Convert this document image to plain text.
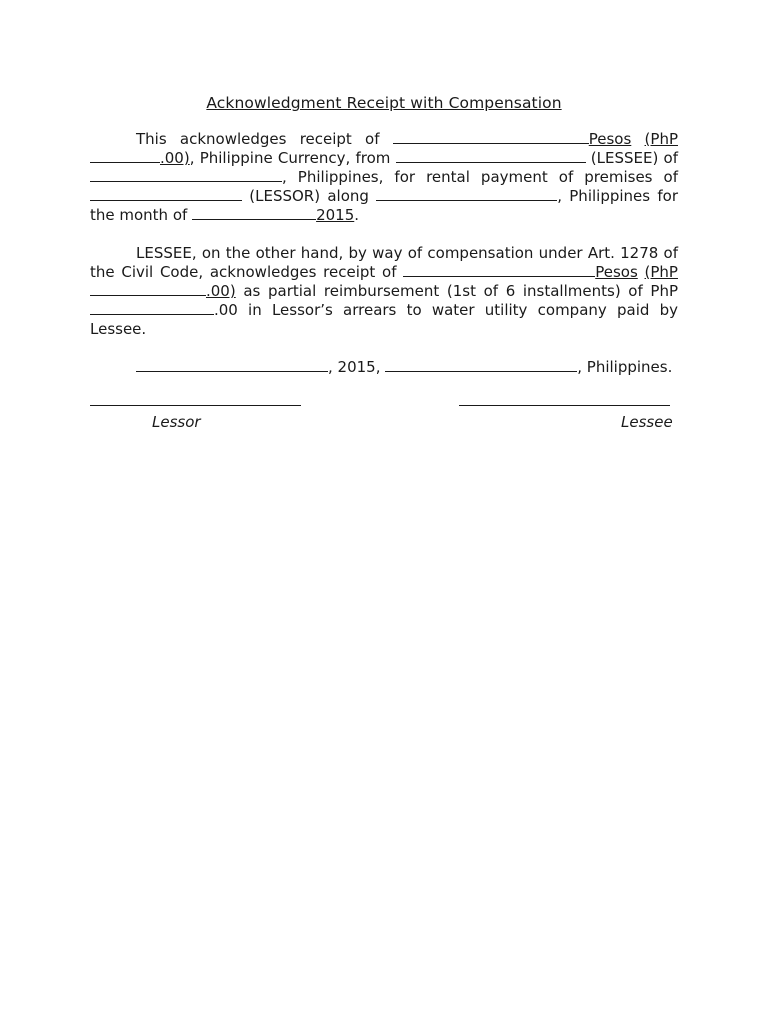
Acknowledgment Receipt with Compensation

This acknowledges receipt of	Pesos (PhP.00), Philippine Currency, from	(LESSEE) of , Philippines, for rental payment of premises of  (LESSOR) along	, Philippines for the month of	2015.

LESSEE, on the other hand, by way of compensation under Art. 1278 of the Civil Code, acknowledges receipt of	Pesos (PhP.00) as partial reimbursement (1st of 6 installments) of PhP.00 in Lessor’s arrears to water utility company paid by Lessee.

, 2015,	, Philippines.

Lessor	Lessee
